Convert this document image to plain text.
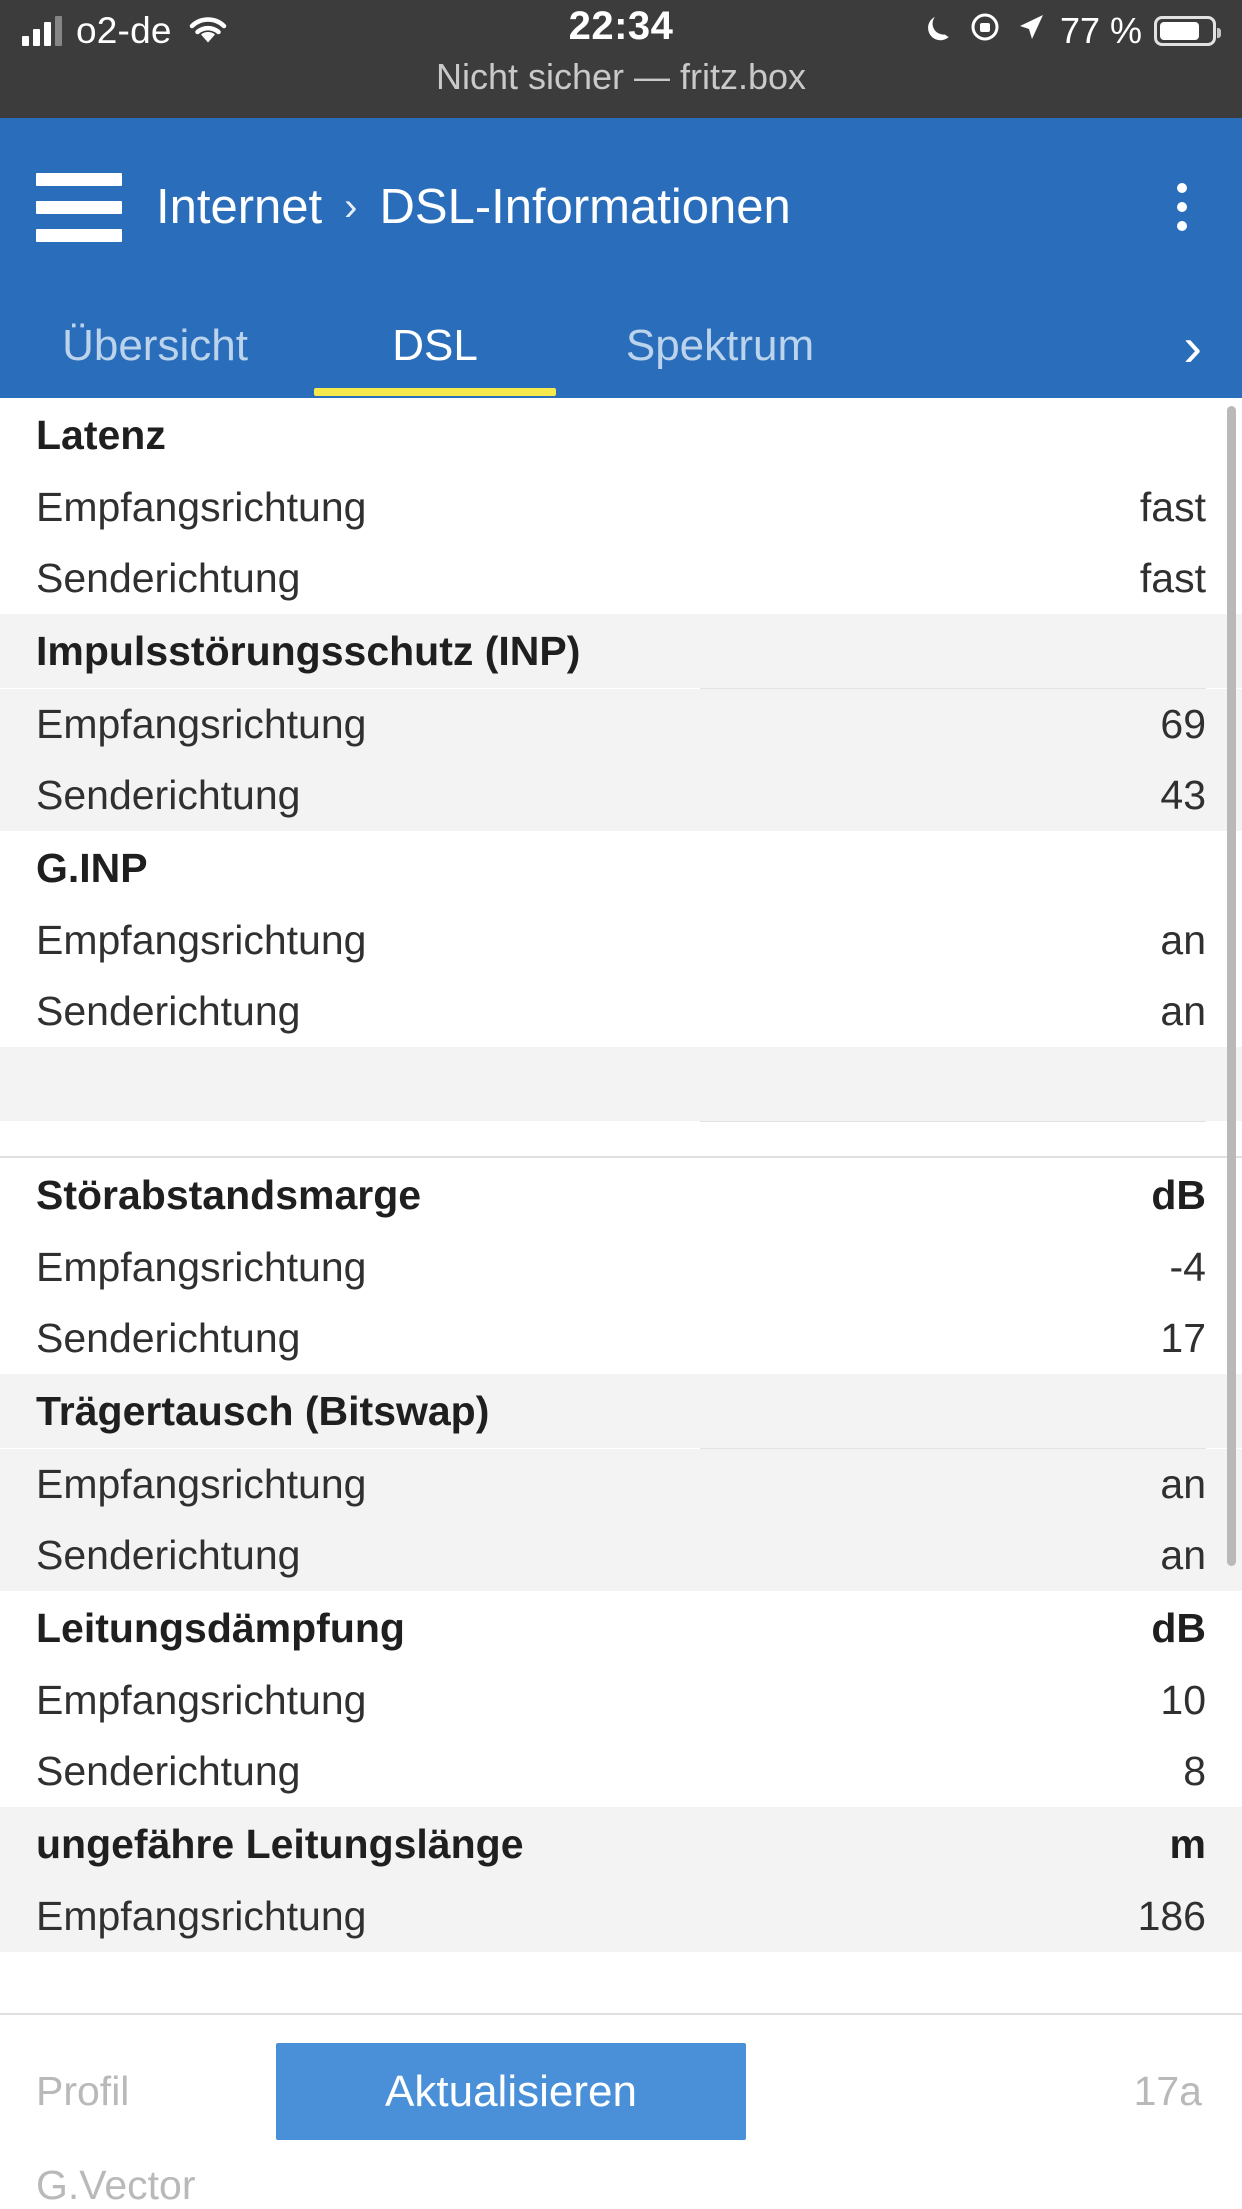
o2-de	22:34	77 %
Nicht sicher — fritz.box
Internet › DSL-Informationen
Übersicht	DSL	Spektrum	›
Latenz
Empfangsrichtung	fast
Senderichtung	fast
Impulsstörungsschutz (INP)
Empfangsrichtung	69
Senderichtung	43
G.INP
Empfangsrichtung	an
Senderichtung	an
Störabstandsmarge	dB
Empfangsrichtung	-4
Senderichtung	17
Trägertausch (Bitswap)
Empfangsrichtung	an
Senderichtung	an
Leitungsdämpfung	dB
Empfangsrichtung	10
Senderichtung	8
ungefähre Leitungslänge	m
Empfangsrichtung	186
Profil	Aktualisieren	17a
G.Vector
